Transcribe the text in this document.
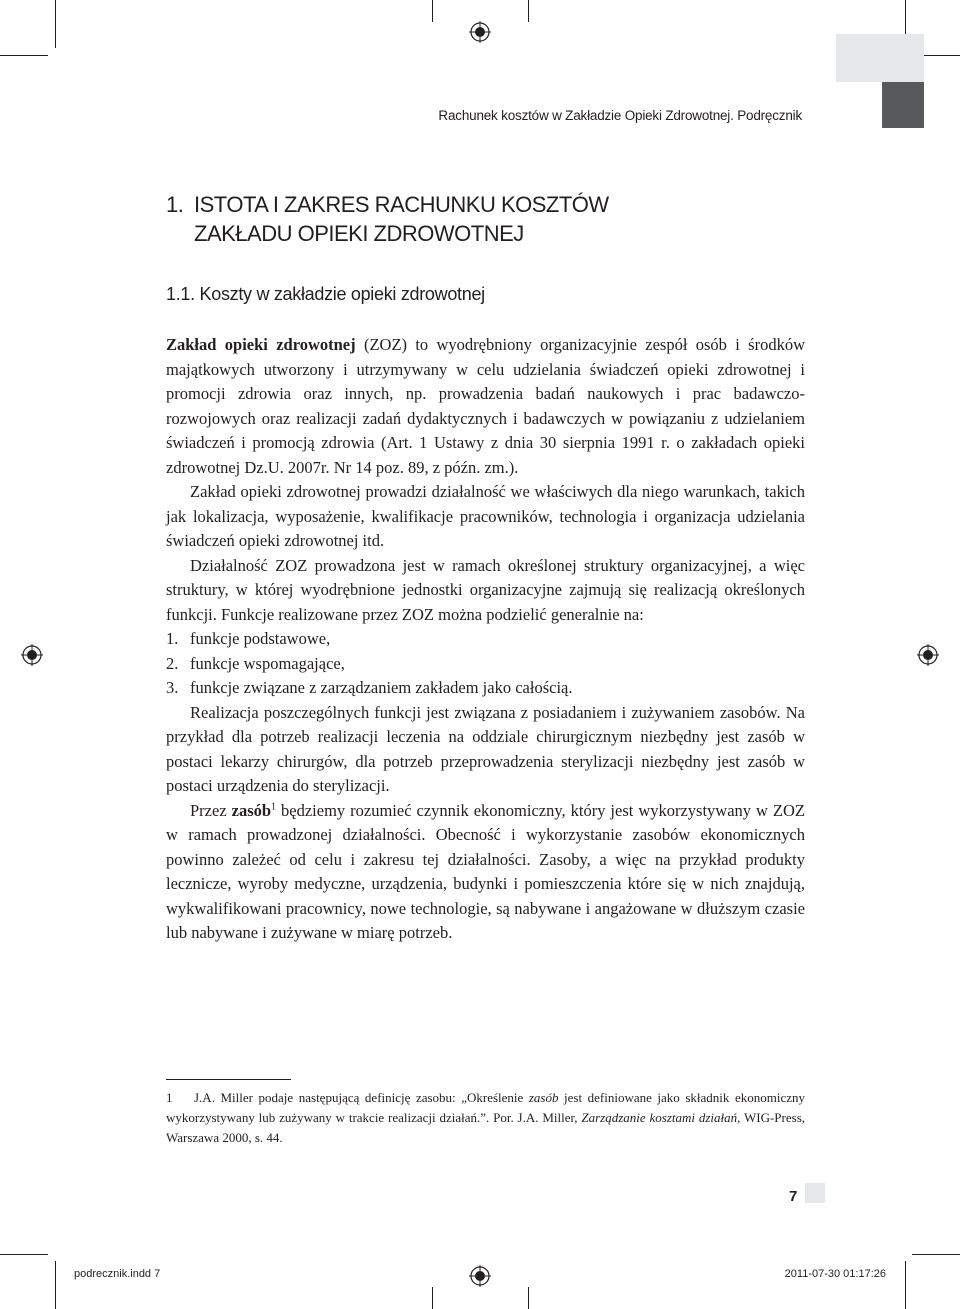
Rachunek kosztów w Zakładzie Opieki Zdrowotnej. Podręcznik
1. ISTOTA I ZAKRES RACHUNKU KOSZTÓW
ZAKŁADU OPIEKI ZDROWOTNEJ
1.1. Koszty w zakładzie opieki zdrowotnej

Zakład opieki zdrowotnej (ZOZ) to wyodrębniony organizacyjnie zespół osób i środków majątkowych utworzony i utrzymywany w celu udzielania świadczeń opieki zdrowotnej i promocji zdrowia oraz innych, np. prowadzenia badań naukowych i prac badawczo-rozwojowych oraz realizacji zadań dydaktycznych i badawczych w powiązaniu z udzielaniem świadczeń i promocją zdrowia (Art. 1 Ustawy z dnia 30 sierpnia 1991 r. o zakładach opieki zdrowotnej Dz.U. 2007r. Nr 14 poz. 89, z późn. zm.).

Zakład opieki zdrowotnej prowadzi działalność we właściwych dla niego warunkach, takich jak lokalizacja, wyposażenie, kwalifikacje pracowników, technologia i organizacja udzielania świadczeń opieki zdrowotnej itd.

Działalność ZOZ prowadzona jest w ramach określonej struktury organizacyjnej, a więc struktury, w której wyodrębnione jednostki organizacyjne zajmują się realizacją określonych funkcji. Funkcje realizowane przez ZOZ można podzielić generalnie na:

1. funkcje podstawowe,
2. funkcje wspomagające,
3. funkcje związane z zarządzaniem zakładem jako całością.

Realizacja poszczególnych funkcji jest związana z posiadaniem i zużywaniem zasobów. Na przykład dla potrzeb realizacji leczenia na oddziale chirurgicznym niezbędny jest zasób w postaci lekarzy chirurgów, dla potrzeb przeprowadzenia sterylizacji niezbędny jest zasób w postaci urządzenia do sterylizacji.

Przez zasób$^1$ będziemy rozumieć czynnik ekonomiczny, który jest wykorzystywany w ZOZ w ramach prowadzonej działalności. Obecność i wykorzystanie zasobów ekonomicznych powinno zależeć od celu i zakresu tej działalności. Zasoby, a więc na przykład produkty lecznicze, wyroby medyczne, urządzenia, budynki i pomieszczenia które się w nich znajdują, wykwalifikowani pracownicy, nowe technologie, są nabywane i angażowane w dłuższym czasie lub nabywane i zużywane w miarę potrzeb.

1 J.A. Miller podaje następującą definicję zasobu: „Określenie zasób jest definiowane jako składnik ekonomiczny wykorzystywany lub zużywany w trakcie realizacji działań.”. Por. J.A. Miller, Zarządzanie kosztami działań, WIG-Press, Warszawa 2000, s. 44.
7
podrecznik.indd 7	2011-07-30 01:17:26
